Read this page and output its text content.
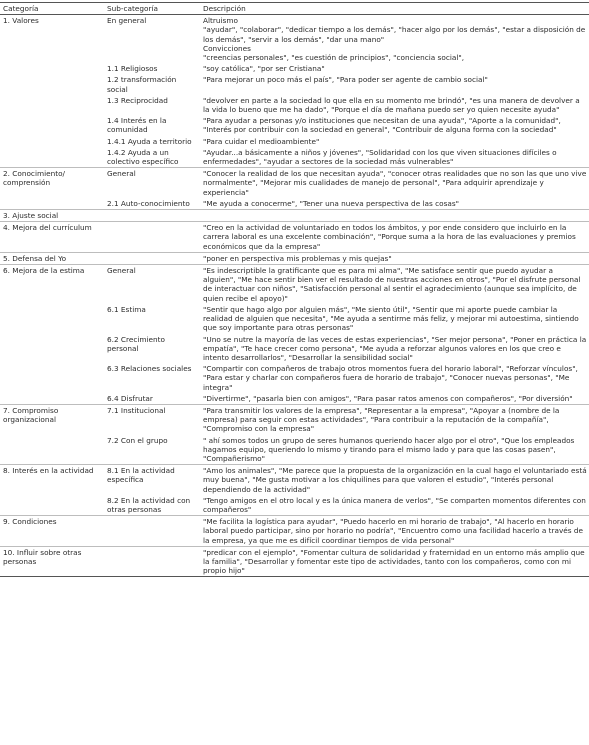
Categoría	Sub-categoría	Descripción
1. Valores	En general	Altruismo
"ayudar", "colaborar", "dedicar tiempo a los demás", "hacer algo por los demás", "estar a disposición de los demás", "servir a los demás", "dar una mano"
Convicciones
"creencias personales", "es cuestión de principios", "conciencia social",
	1.1 Religiosos	"soy católica", "por ser Cristiana"
	1.2 transformación social	"Para mejorar un poco más el país", "Para poder ser agente de cambio social"
	1.3 Reciprocidad	"devolver en parte a la sociedad lo que ella en su momento me brindó", "es una manera de devolver a la vida lo bueno que me ha dado", "Porque el día de mañana puedo ser yo quien necesite ayuda"
	1.4 Interés en la comunidad	"Para ayudar a personas y/o instituciones que necesitan de una ayuda", "Aporte a la comunidad", "Interés por contribuir con la sociedad en general", "Contribuir de alguna forma con la sociedad"
	1.4.1 Ayuda a territorio	"Para cuidar el medioambiente"
	1.4.2 Ayuda a un colectivo específico	"Ayudar...a básicamente a niños y jóvenes", "Solidaridad con los que viven situaciones difíciles o enfermedades", "ayudar a sectores de la sociedad más vulnerables"
2. Conocimiento/ comprensión	General	"Conocer la realidad de los que necesitan ayuda", "conocer otras realidades que no son las que uno vive normalmente", "Mejorar mis cualidades de manejo de personal", "Para adquirir aprendizaje y experiencia"
	2.1 Auto-conocimiento	"Me ayuda a conocerme", "Tener una nueva perspectiva de las cosas"
3. Ajuste social		
4. Mejora del currículum		"Creo en la actividad de voluntariado en todos los ámbitos, y por ende considero que incluirlo en la carrera laboral es una excelente combinación", "Porque suma a la hora de las evaluaciones y premios económicos que da la empresa"
5. Defensa del Yo		"poner en perspectiva mis problemas y mis quejas"
6. Mejora de la estima	General	"Es indescriptible la gratificante que es para mi alma", "Me satisface sentir que puedo ayudar a alguien", "Me hace sentir bien ver el resultado de nuestras acciones en otros", "Por el disfrute personal de interactuar con niños", "Satisfacción personal al sentir el agradecimiento (aunque sea implícito, de quien recibe el apoyo)"
	6.1 Estima	"Sentir que hago algo por alguien más", "Me siento útil", "Sentir que mi aporte puede cambiar la realidad de alguien que necesita", "Me ayuda a sentirme más feliz, y mejorar mi autoestima, sintiendo que soy importante para otras personas"
	6.2 Crecimiento personal	"Uno se nutre la mayoría de las veces de estas experiencias", "Ser mejor persona", "Poner en práctica la empatía", "Te hace crecer como persona", "Me ayuda a reforzar algunos valores en los que creo e intento desarrollarlos", "Desarrollar la sensibilidad social"
	6.3 Relaciones sociales	"Compartir con compañeros de trabajo otros momentos fuera del horario laboral", "Reforzar vínculos", "Para estar y charlar con compañeros fuera de horario de trabajo", "Conocer nuevas personas", "Me integra"
	6.4 Disfrutar	"Divertirme", "pasarla bien con amigos", "Para pasar ratos amenos con compañeros", "Por diversión"
7. Compromiso organizacional	7.1 Institucional	"Para transmitir los valores de la empresa", "Representar a la empresa", "Apoyar a (nombre de la empresa) para seguir con estas actividades", "Para contribuir a la reputación de la compañía", "Compromiso con la empresa"
	7.2 Con el grupo	" ahí somos todos un grupo de seres humanos queriendo hacer algo por el otro", "Que los empleados hagamos equipo, queriendo lo mismo y tirando para el mismo lado y para que las cosas pasen", "Compañerismo"
8. Interés en la actividad	8.1 En la actividad específica	"Amo los animales", "Me parece que la propuesta de la organización en la cual hago el voluntariado está muy buena", "Me gusta motivar a los chiquilines para que valoren el estudio", "Interés personal dependiendo de la actividad"
	8.2 En la actividad con otras personas	"Tengo amigos en el otro local y es la única manera de verlos", "Se comparten momentos diferentes con compañeros"
9. Condiciones		"Me facilita la logística para ayudar", "Puedo hacerlo en mi horario de trabajo", "Al hacerlo en horario laboral puedo participar, sino por horario no podría", "Encuentro como una facilidad hacerlo a través de la empresa, ya que me es difícil coordinar tiempos de vida personal"
10. Influir sobre otras personas		"predicar con el ejemplo", "Fomentar cultura de solidaridad y fraternidad en un entorno más amplio que la familia", "Desarrollar y fomentar este tipo de actividades, tanto con los compañeros, como con mi propio hijo"
